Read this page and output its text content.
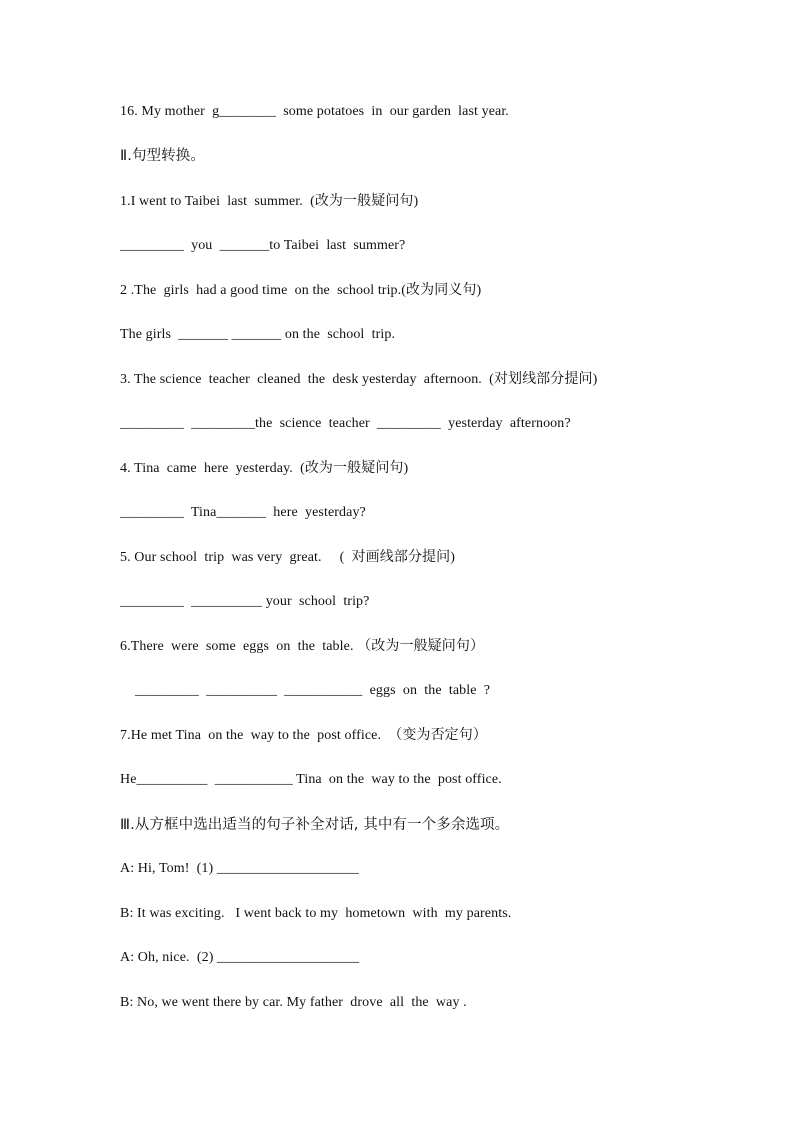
16. My mother  g________  some potatoes  in  our garden  last year.
Ⅱ.句型转换。
1.I went to Taibei  last  summer.  (改为一般疑问句)
_________  you  _______to Taibei  last  summer?
2 .The  girls  had a good time  on the  school trip.(改为同义句)
The girls  _______ _______ on the  school  trip.
3. The science  teacher  cleaned  the  desk yesterday  afternoon.  (对划线部分提问)
_________  _________the  science  teacher  _________  yesterday  afternoon?
4. Tina  came  here  yesterday.  (改为一般疑问句)
_________  Tina_______  here  yesterday?
5. Our school  trip  was very  great.     (  对画线部分提问)
_________  __________ your  school  trip?
6.There  were  some  eggs  on  the  table. （改为一般疑问句）
_________  __________  ___________  eggs  on  the  table  ?
7.He met Tina  on the  way to the  post office.  （变为否定句）
He__________  ___________ Tina  on the  way to the  post office.
Ⅲ.从方框中选出适当的句子补全对话, 其中有一个多余选项。
A: Hi, Tom!  (1) ____________________
B: It was exciting.   I went back to my  hometown  with  my parents.
A: Oh, nice.  (2) ____________________
B: No, we went there by car. My father  drove  all  the  way .
